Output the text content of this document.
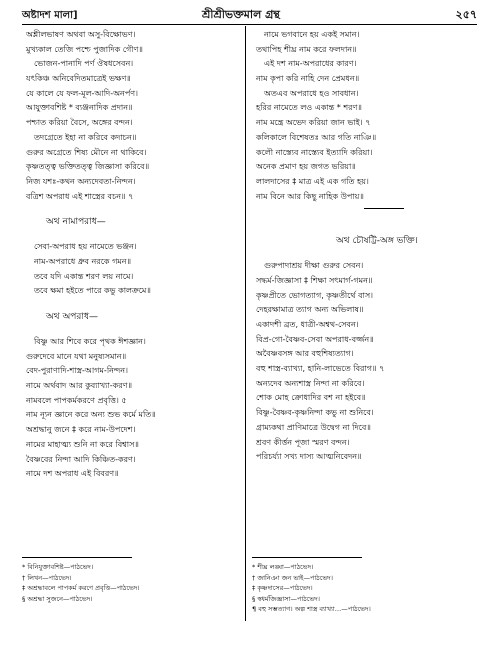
অষ্টাদশ মালা]	শ্রীশ্রীভক্তমাল গ্রন্থ	২৫৭
অশ্লীলভাষণ অথবা অসু-বিক্ষোভণ।
মুখ্যকাল তেজি পশ্চে পুজাদিক গৌণ॥
ভোজন-পানাদি পর্ণ ঔষধসেবন।
যৎকিঞ্চ অনিবেদিতমাত্রেই ভক্ষণ॥
যে কালে যে ফল-মূল-আদি-অনর্পণ।
আযুক্তাবশিষ্ট * ব্যঞ্জনাদিক প্রদান॥
পশ্চাত করিয়া বৈসে, অঙ্গের বন্দন।
তদগ্রেতে ইহা না করিবে কদাচন॥
গুরুর অগ্রেতে শিষ্য মৌনে না থাকিবে।
কৃষ্ণতত্ত্ব ভক্তিতত্ত্ব জিজ্ঞাসা করিবে॥
নিজ যশঃ-কথন অন্যদেবতা-নিন্দন।
বত্রিশ অপরাধ এই শাস্ত্রের বচন॥ ৭
অথ নামাপরাধ—
সেবা-অপরাধ হয় নামেতে ভঞ্জন।
নাম-অপরাধে ধ্রুব নরকে গমন॥
তবে যদি একান্ত শরণ লয় নামে।
তবে ক্ষমা হইতে পারে কভু কালক্রমে॥
অথ অপরাধ—
বিষ্ণু আর শিবে করে পৃথক ঈশজ্ঞান।
গুরুদেবে মানে যথা মনুষ্যসমান॥
বেদ-পুরাণাদি-শাস্ত্র-আগম-নিন্দন।
নামে অর্থবাদ আর কুব্যাখ্যা-করণ॥
নামবলে পাপকর্মকরণে প্রবৃত্তি। ৫
নাম ন্যূন জ্ঞানে করে অন্য শুভ কর্মে মতি॥
অশ্রদ্ধানু জনে ‡ করে নাম-উপদেশ।
নামের মাহাত্ম্য শুনি না করে বিশ্বাস॥
বৈষ্ণবের নিন্দা আদি কিঞ্চিত-করণ।
নামে দশ অপরাধ এই বিবরণ॥
* বিনিযুক্তাবশিষ্ট—পাঠভেদ।
† লিখন—পাঠভেদ।
‡ অশ্রদ্ধাবলে পাপকর্ম করণে প্রবৃত্তি—পাঠভেদ।
§ অশ্রদ্ধা সুজনে—পাঠভেদ।
নামে ভগবানে হয় একই সমান।
তথাপিহ শীঘ্র নাম করে ফলদান॥
এই দশ নাম-অপরাধের কারণ।
নাম কৃপা করি নাহি দেন প্রেমধন॥
অতএব অপরাধে হও সাবধান।
হরির নামেতে লও একান্ত * শরণ॥
নাম মন্ত্রে অভেদ করিয়া জান ভাই। ৭
কলিকালে বিশেষতঃ আর গতি নাঞি॥
কলৌ নাস্ত্যেব নাস্ত্যেব ইত্যাদি করিয়া।
অনেক প্রমাণ হয় জগত ভরিয়া॥
লালদাসের ‡ মাত্র এই এক গতি হয়।
নাম বিনে আর কিছু নাহিক উপায়॥
অথ চৌষট্টি-অঙ্গ ভক্তি।
গুরুপাদাশ্রয় দীক্ষা গুরুর সেবন।
সদ্ধর্ম-জিজ্ঞাসা ‡ শিক্ষা সৎমার্গ-গমন॥
কৃষ্ণপ্রীতে ভোগত্যাগ, কৃষ্ণতীর্থে বাস।
দেহরক্ষামাত্র ত্যাগ অন্য অভিলাষ॥
একাদশী ব্রত, ধাত্রী-অশ্বথ-সেবন।
বিপ্র-গো-বৈষ্ণব-সেবা অপরাধ-বর্জ্জন॥
অবৈষ্ণবসঙ্গ আর বহুশিষ্যত্যাগ।
বহু শাস্ত্র-ব্যাখ্যা, হানি-লাভেতে বিরাগ॥ ৭
অন্যদেব অন্যশাস্ত্র নিন্দা না করিবে।
শোক মোহ ক্রোধাদির বশ না হইবে॥
বিষ্ণু-বৈষ্ণব-কৃষ্ণনিন্দা কভু না শুনিবে।
গ্রাম্যকথা প্রাণিমাত্রে উদ্বেগ না দিবে॥
শ্রবণ কীর্ত্তন পূজা স্মরণ বন্দন।
পরিচর্য্যা সখ্য দাস্য আত্মনিবেদন॥
* শীঘ্র লঙ্ঘা—পাঠভেদ।
† জানিঞা জন ভাই—পাঠভেদ।
‡ কৃষ্ণদাসের—পাঠভেদ।
§ স্বধর্মজিজ্ঞাসা—পাঠভেদ।
¶ বহু সম্ভত্যাগ। অল্প শাস্ত্র ব্যাখ্যা…—পাঠভেদ।
